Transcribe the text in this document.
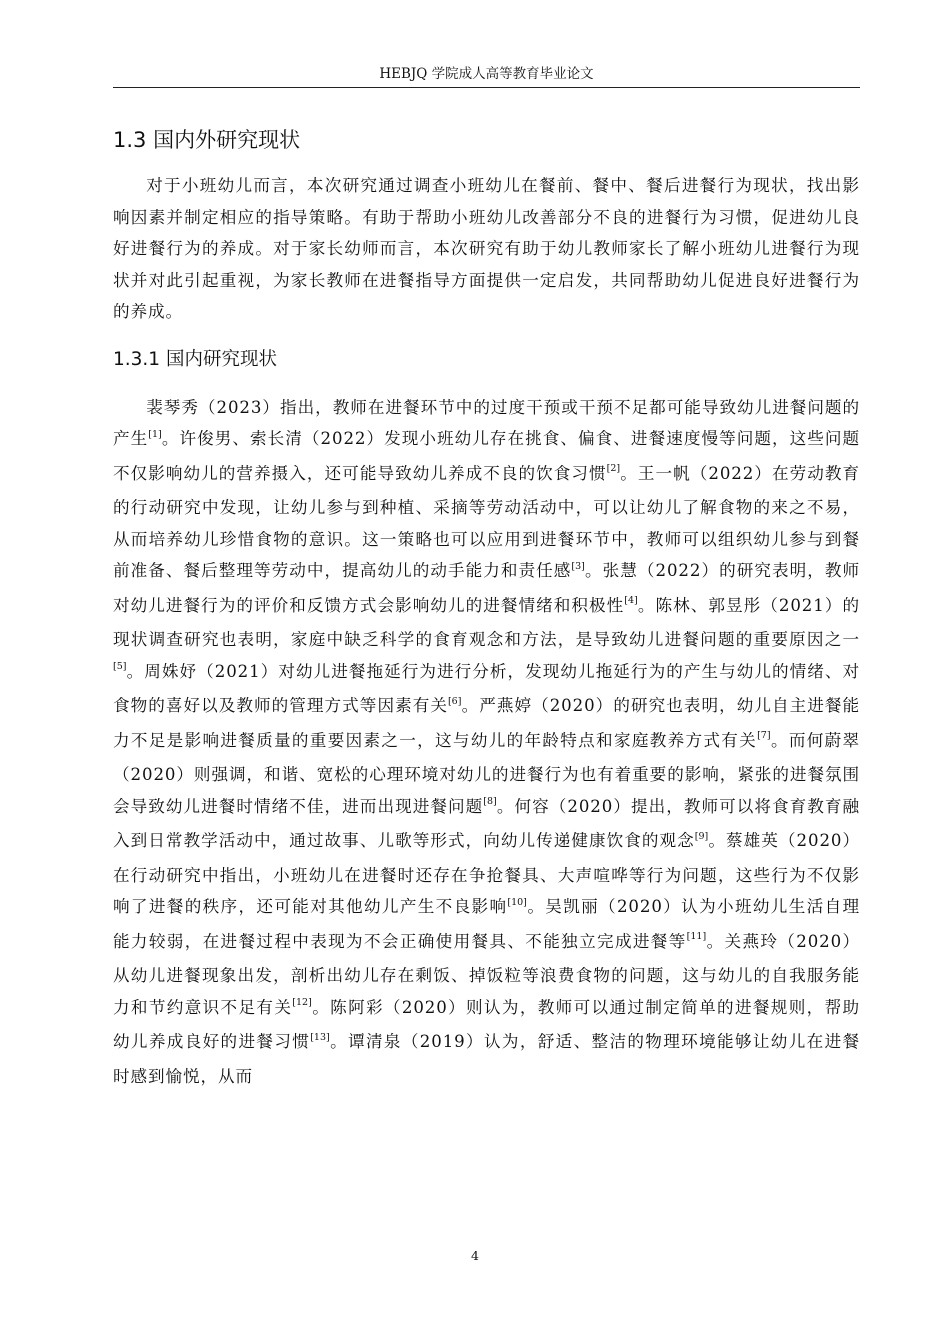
HEBJQ 学院成人高等教育毕业论文
1.3 国内外研究现状

对于小班幼儿而言，本次研究通过调查小班幼儿在餐前、餐中、餐后进餐行为现状，找出影响因素并制定相应的指导策略。有助于帮助小班幼儿改善部分不良的进餐行为习惯，促进幼儿良好进餐行为的养成。对于家长幼师而言，本次研究有助于幼儿教师家长了解小班幼儿进餐行为现状并对此引起重视，为家长教师在进餐指导方面提供一定启发，共同帮助幼儿促进良好进餐行为的养成。

1.3.1 国内研究现状

裴琴秀（2023）指出，教师在进餐环节中的过度干预或干预不足都可能导致幼儿进餐问题的产生[1]。许俊男、索长清（2022）发现小班幼儿存在挑食、偏食、进餐速度慢等问题，这些问题不仅影响幼儿的营养摄入，还可能导致幼儿养成不良的饮食习惯[2]。王一帆（2022）在劳动教育的行动研究中发现，让幼儿参与到种植、采摘等劳动活动中，可以让幼儿了解食物的来之不易，从而培养幼儿珍惜食物的意识。这一策略也可以应用到进餐环节中，教师可以组织幼儿参与到餐前准备、餐后整理等劳动中，提高幼儿的动手能力和责任感[3]。张慧（2022）的研究表明，教师对幼儿进餐行为的评价和反馈方式会影响幼儿的进餐情绪和积极性[4]。陈林、郭昱彤（2021）的现状调查研究也表明，家庭中缺乏科学的食育观念和方法，是导致幼儿进餐问题的重要原因之一[5]。周姝妤（2021）对幼儿进餐拖延行为进行分析，发现幼儿拖延行为的产生与幼儿的情绪、对食物的喜好以及教师的管理方式等因素有关[6]。严燕婷（2020）的研究也表明，幼儿自主进餐能力不足是影响进餐质量的重要因素之一，这与幼儿的年龄特点和家庭教养方式有关[7]。而何蔚翠（2020）则强调，和谐、宽松的心理环境对幼儿的进餐行为也有着重要的影响，紧张的进餐氛围会导致幼儿进餐时情绪不佳，进而出现进餐问题[8]。何容（2020）提出，教师可以将食育教育融入到日常教学活动中，通过故事、儿歌等形式，向幼儿传递健康饮食的观念[9]。蔡雄英（2020）在行动研究中指出，小班幼儿在进餐时还存在争抢餐具、大声喧哗等行为问题，这些行为不仅影响了进餐的秩序，还可能对其他幼儿产生不良影响[10]。吴凯丽（2020）认为小班幼儿生活自理能力较弱，在进餐过程中表现为不会正确使用餐具、不能独立完成进餐等[11]。关燕玲（2020）从幼儿进餐现象出发，剖析出幼儿存在剩饭、掉饭粒等浪费食物的问题，这与幼儿的自我服务能力和节约意识不足有关[12]。陈阿彩（2020）则认为，教师可以通过制定简单的进餐规则，帮助幼儿养成良好的进餐习惯[13]。谭清泉（2019）认为，舒适、整洁的物理环境能够让幼儿在进餐时感到愉悦，从而

4
